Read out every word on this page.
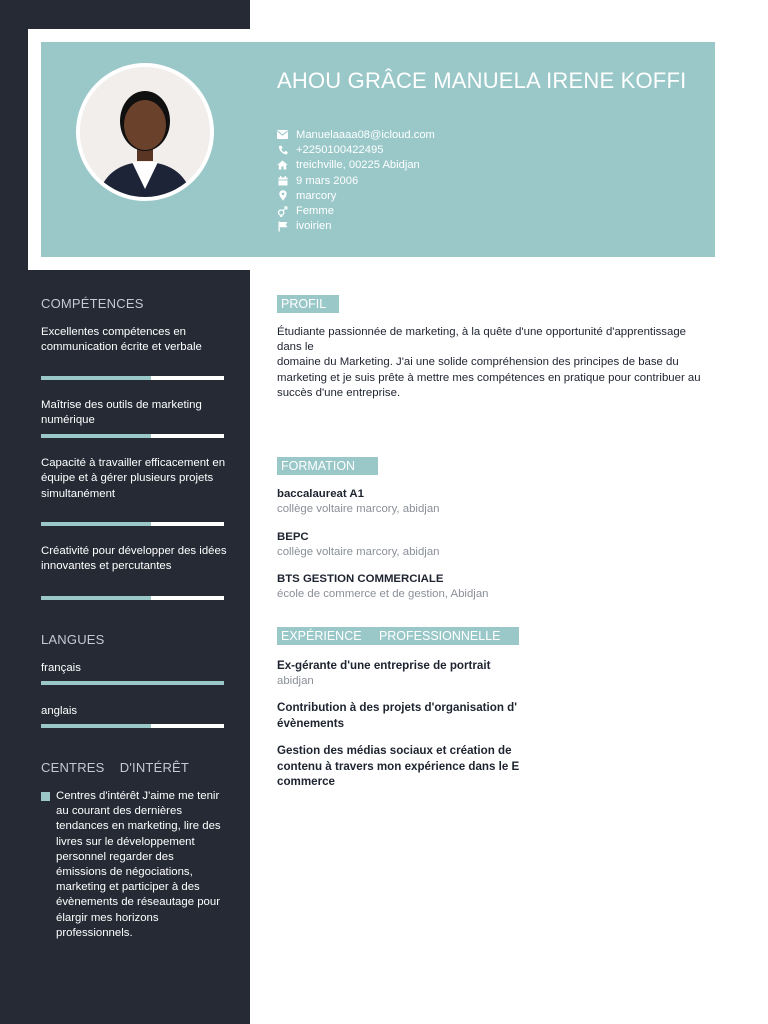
AHOU GRÂCE MANUELA IRENE KOFFI
Manuelaaaa08@icloud.com
+2250100422495
treichville, 00225 Abidjan
9 mars 2006
marcory
Femme
ivoirien
COMPÉTENCES
Excellentes compétences en communication écrite et verbale
Maîtrise des outils de marketing numérique
Capacité à travailler efficacement en équipe et à gérer plusieurs projets simultanément
Créativité pour développer des idées innovantes et percutantes
LANGUES
français
anglais
CENTRES    D'INTÉRÊT
Centres d'intérêt J'aime me tenir au courant des dernières tendances en marketing, lire des livres sur le développement personnel regarder des émissions de négociations, marketing et participer à des évènements de réseautage pour élargir mes horizons professionnels.
PROFIL
Étudiante passionnée de marketing, à la quête d'une opportunité d'apprentissage dans le
domaine du Marketing. J'ai une solide compréhension des principes de base du
marketing et je suis prête à mettre mes compétences en pratique pour contribuer au
succès d'une entreprise.
FORMATION
baccalaureat A1
collège voltaire marcory, abidjan
BEPC
collège voltaire marcory, abidjan
BTS GESTION COMMERCIALE
école de commerce et de gestion, Abidjan
EXPÉRIENCE     PROFESSIONNELLE
Ex-gérante d'une entreprise de portrait
abidjan
Contribution à des projets d'organisation d' évènements
Gestion des médias sociaux et création de contenu à travers mon expérience dans le E commerce
